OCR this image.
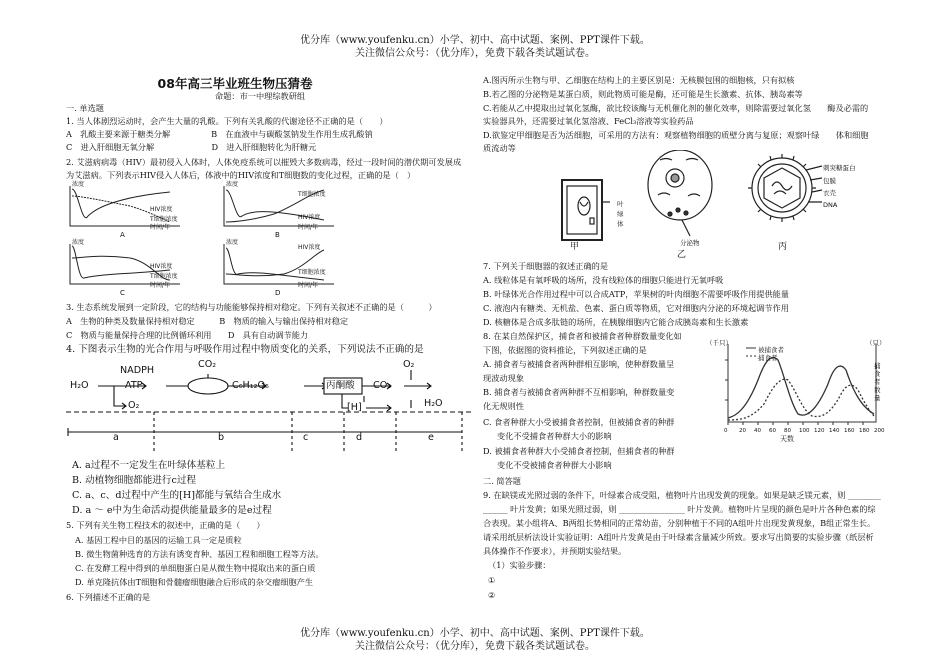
优分库（www.youfenku.cn）小学、初中、高中试题、案例、PPT课件下载。
关注微信公众号：（优分库），免费下载各类试题试卷。
优分库（www.youfenku.cn）小学、初中、高中试题、案例、PPT课件下载。
关注微信公众号：（优分库），免费下载各类试题试卷。
08年高三毕业班生物压猜卷
命题：市一中理综教研组
一. 单选题
1. 当人体剧烈运动时，会产生大量的乳酸。下列有关乳酸的代谢途径不正确的是（　　）
A　乳酸主要来源于糖类分解　　　　　B　在血液中与碳酸氢钠发生作用生成乳酸钠
C　进入肝细胞无氧分解　　　　　　　D　进入肝细胞转化为肝糖元
2. 艾滋病病毒（HIV）最初侵入人体时，人体免疫系统可以摧毁大多数病毒，经过一段时间的潜伏期可发展成
为艾滋病。下列表示HIV侵入人体后，体液中的HIV浓度和T细胞数的变化过程，正确的是（　）
浓度	浓度
浓度	浓度
HIV浓度
T细胞浓度
时间/年
T细胞浓度
HIV浓度
时间/年
HIV浓度
T细胞浓度
时间/年
HIV浓度
T细胞浓度
时间/年
A	B
C	D
3. 生态系统发展到一定阶段，它的结构与功能能够保持相对稳定。下列有关叙述不正确的是（　　　）
A　生物的种类及数量保持相对稳定　　　B　物质的输入与输出保持相对稳定
C　物质与能量保持合理的比例循环利用　　D　具有自动调节能力
4. 下图表示生物的光合作用与呼吸作用过程中物质变化的关系，下列说法不正确的是
H₂O
NADPH
ATP
O₂
CO₂
C₆H₁₂O₆	丙酮酸 CO₂
O₂
[H]	H₂O
a	b	c	d	e
A. a过程不一定发生在叶绿体基粒上
B. 动植物细胞都能进行c过程
C. a、c、d过程中产生的[H]都能与氧结合生成水
D. a ～ e中为生命活动提供能量最多的是e过程
5. 下列有关生物工程技术的叙述中，正确的是（　　）
A. 基因工程中目的基因的运输工具一定是质粒
B. 微生物菌种选育的方法有诱变育种、基因工程和细胞工程等方法。
C. 在发酵工程中得到的单细胞蛋白是从微生物中提取出来的蛋白质
D. 单克隆抗体由T细胞和骨髓瘤细胞融合后形成的杂交瘤细胞产生
6. 下列描述不正确的是
A.图丙所示生物与甲、乙细胞在结构上的主要区别是：无核膜包围的细胞核，只有拟核
B.若乙图的分泌物是某蛋白质，则此物质可能是酶，还可能是生长激素、抗体、胰岛素等
C.若能从乙中提取出过氧化氢酶，欲比较该酶与无机催化剂的催化效率，则除需要过氧化氢　　酶及必需的
实验器具外，还需要过氧化氢溶液、FeCl₃溶液等实验药品
D.欲鉴定甲细胞是否为活细胞，可采用的方法有：观察植物细胞的质壁分离与复原；观察叶绿　　体和细胞
质流动等
叶绿体
分泌物
刺突糖蛋白
包膜
衣壳
DNA
甲
乙
丙
7. 下列关于细胞器的叙述正确的是
A. 线粒体是有氧呼吸的场所，没有线粒体的细胞只能进行无氧呼吸
B. 叶绿体光合作用过程中可以合成ATP，苹果树的叶肉细胞不需要呼吸作用提供能量
C. 液泡内有糖类、无机盐、色素、蛋白质等物质，它对细胞内分泌的环境起调节作用
D. 核糖体是合成多肽链的场所，在胰腺细胞内它能合成胰岛素和生长激素
8. 在某自然保护区，捕食者和被捕食者种群数量变化如
下图，依据图的资料推论，下列叙述正确的是
A. 捕食者与被捕食者两种群相互影响，使种群数量呈
现波动现象
B. 捕食者与被捕食者两种群不互相影响，种群数量变
化无规则性
C. 食者种群大小受被捕食者控制，但被捕食者的种群
变化不受捕食者种群大小的影响
D. 被捕食者种群大小受捕食者控制，但捕食者的种群
变化不受被捕食者种群大小影响
（千只）	（只）
被捕食者
捕食者
捕食者数量
天数
二. 简答题
9. 在缺镁或光照过弱的条件下，叶绿素合成受阻，植物叶片出现发黄的现象。如果是缺乏镁元素，则 ________
______ 叶片发黄；如果光照过弱，则 ________________ 叶片发黄。植物叶片呈现的颜色是叶片各种色素的综
合表现。某小组将A、B两组长势相同的正常幼苗，分别种植于不同的A组叶片出现发黄现象，B组正常生长。
请采用纸层析法设计实验证明：A组叶片发黄是由于叶绿素含量减少所致。要求写出简要的实验步骤（纸层析
具体操作不作要求），并预期实验结果。
（1）实验步骤：
①
②
0 20 40 60 80 100 120 140 160 180 200
